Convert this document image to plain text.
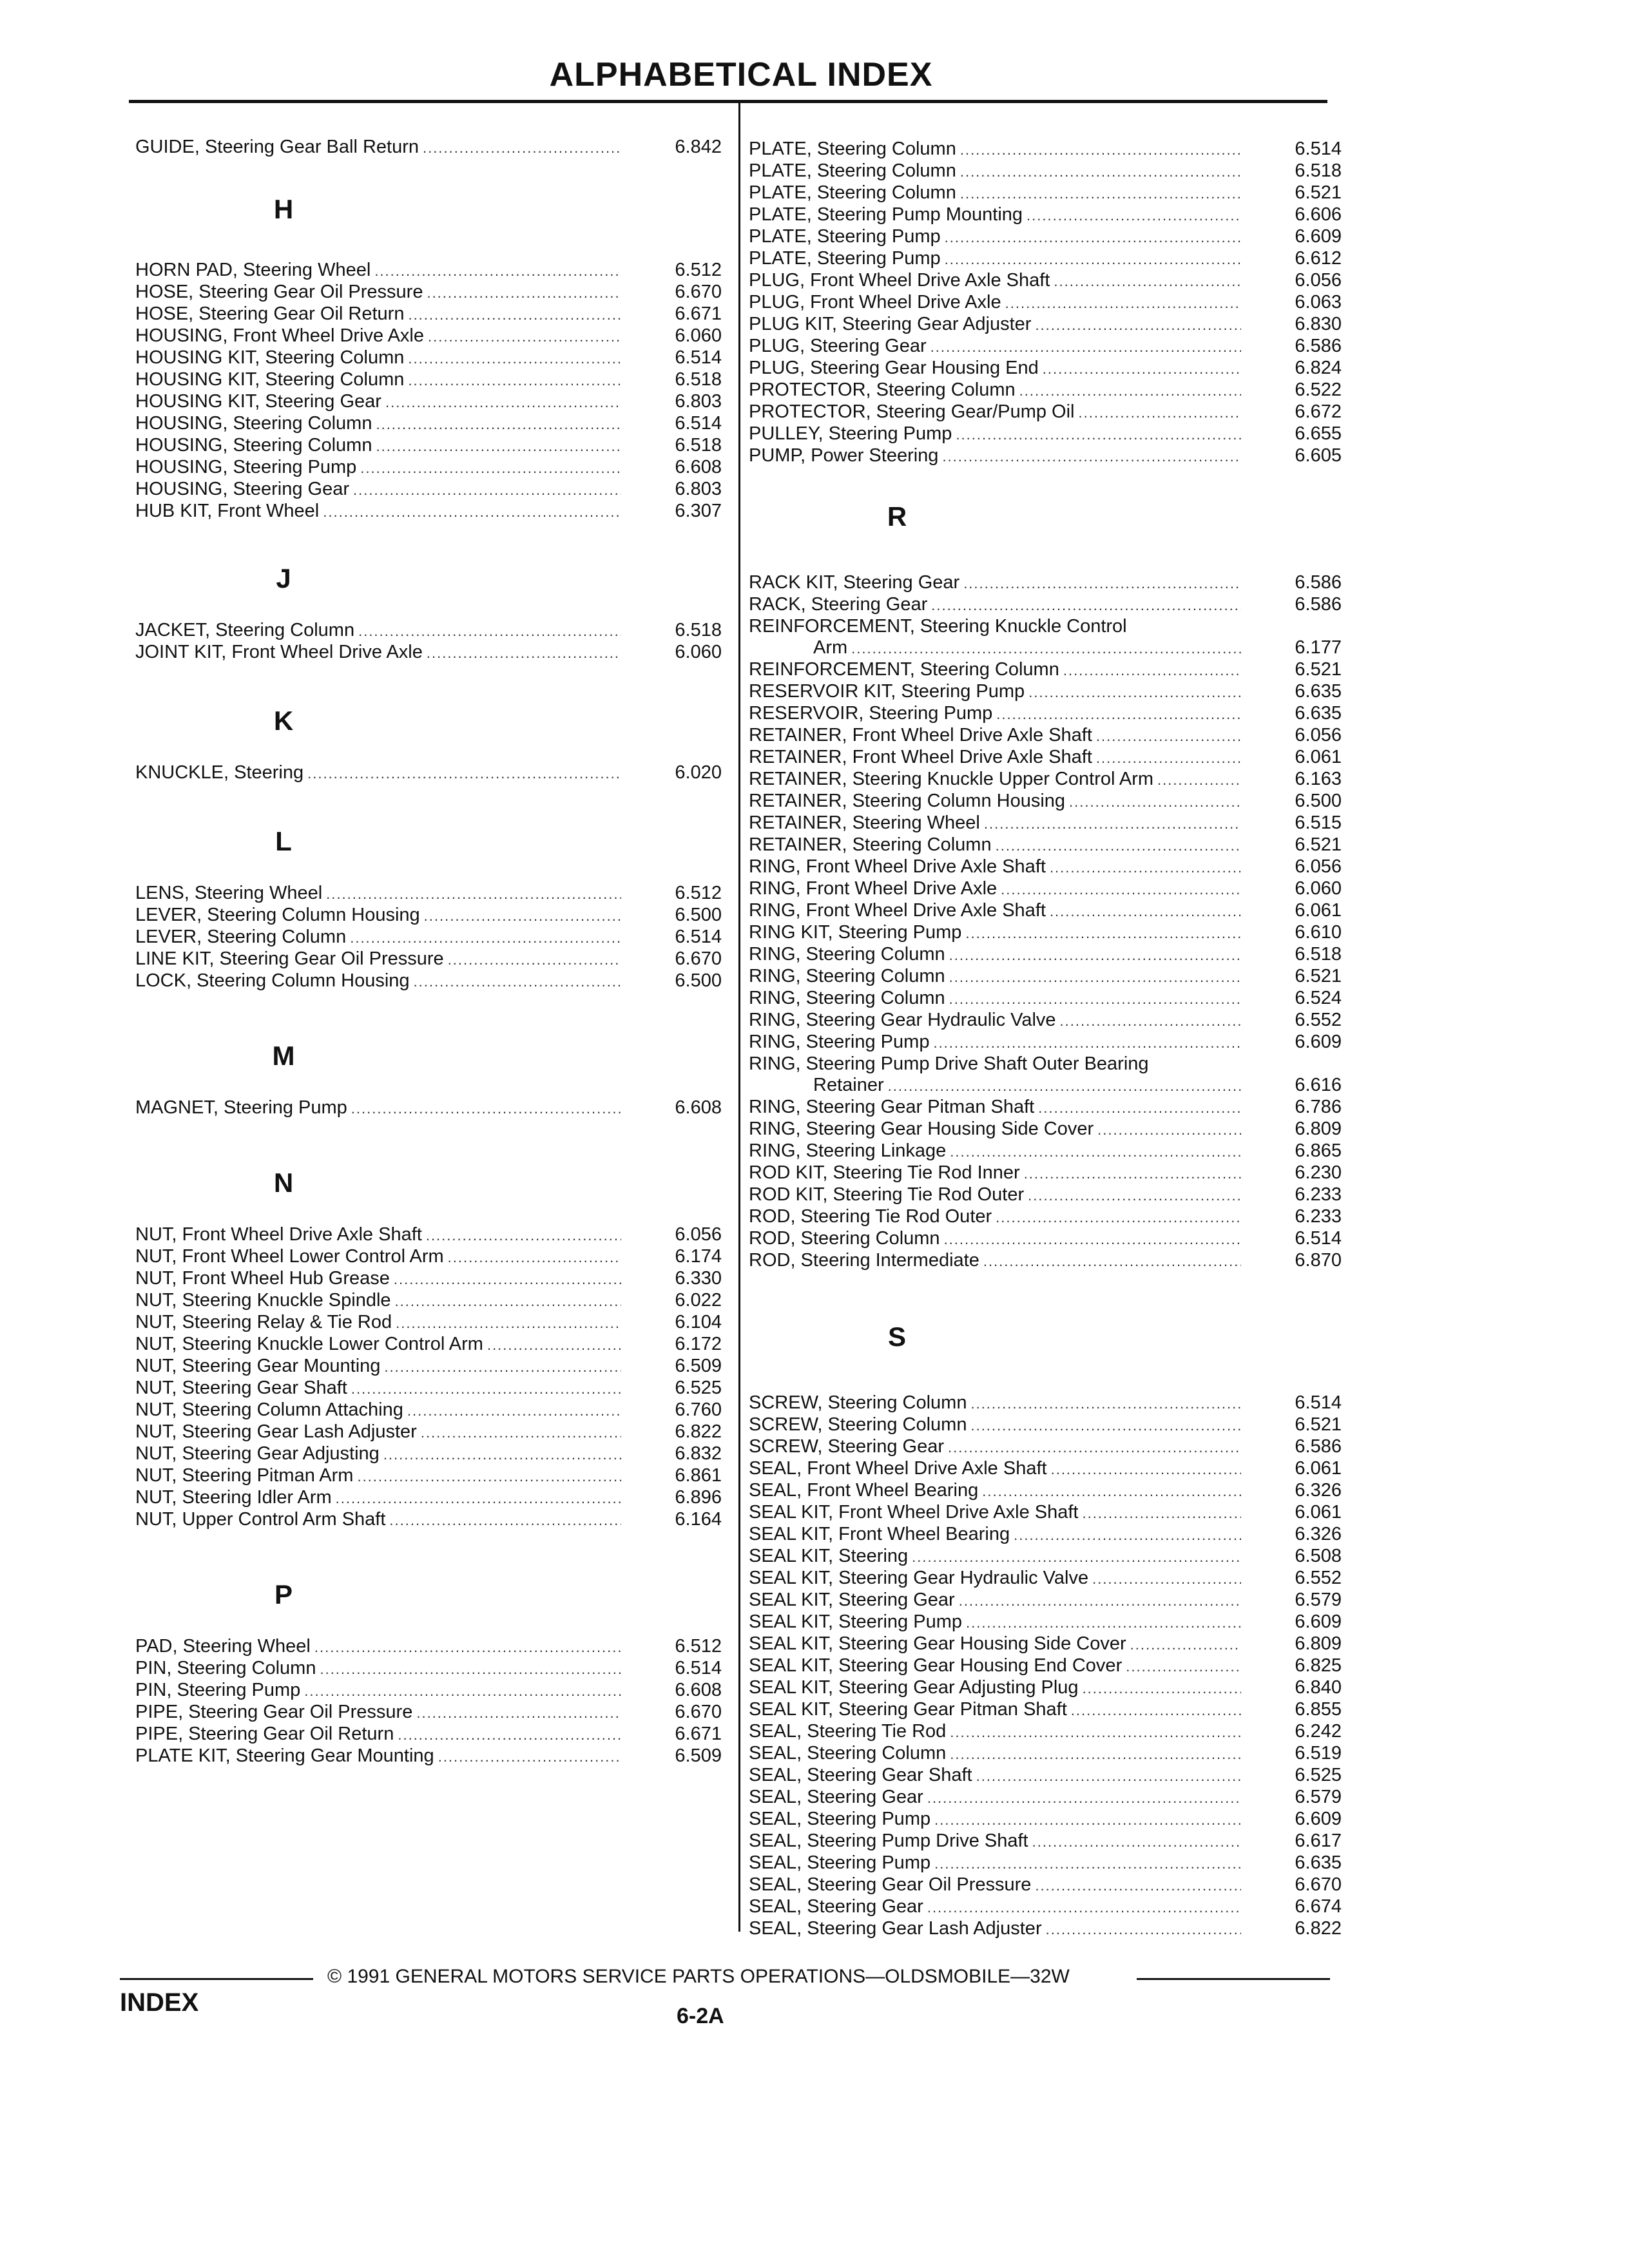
ALPHABETICAL INDEX
GUIDE, Steering Gear Ball Return .....	6.842
H
HORN PAD, Steering Wheel .....	6.512
HOSE, Steering Gear Oil Pressure .....	6.670
HOSE, Steering Gear Oil Return .....	6.671
HOUSING, Front Wheel Drive Axle .....	6.060
HOUSING KIT, Steering Column .....	6.514
HOUSING KIT, Steering Column .....	6.518
HOUSING KIT, Steering Gear .....	6.803
HOUSING, Steering Column .....	6.514
HOUSING, Steering Column .....	6.518
HOUSING, Steering Pump .....	6.608
HOUSING, Steering Gear .....	6.803
HUB KIT, Front Wheel .....	6.307
J
JACKET, Steering Column .....	6.518
JOINT KIT, Front Wheel Drive Axle .....	6.060
K
KNUCKLE, Steering .....	6.020
L
LENS, Steering Wheel .....	6.512
LEVER, Steering Column Housing .....	6.500
LEVER, Steering Column .....	6.514
LINE KIT, Steering Gear Oil Pressure .....	6.670
LOCK, Steering Column Housing .....	6.500
M
MAGNET, Steering Pump .....	6.608
N
NUT, Front Wheel Drive Axle Shaft .....	6.056
NUT, Front Wheel Lower Control Arm .....	6.174
NUT, Front Wheel Hub Grease .....	6.330
NUT, Steering Knuckle Spindle .....	6.022
NUT, Steering Relay & Tie Rod .....	6.104
NUT, Steering Knuckle Lower Control Arm .....	6.172
NUT, Steering Gear Mounting .....	6.509
NUT, Steering Gear Shaft .....	6.525
NUT, Steering Column Attaching .....	6.760
NUT, Steering Gear Lash Adjuster .....	6.822
NUT, Steering Gear Adjusting .....	6.832
NUT, Steering Pitman Arm .....	6.861
NUT, Steering Idler Arm .....	6.896
NUT, Upper Control Arm Shaft .....	6.164
P
PAD, Steering Wheel .....	6.512
PIN, Steering Column .....	6.514
PIN, Steering Pump .....	6.608
PIPE, Steering Gear Oil Pressure .....	6.670
PIPE, Steering Gear Oil Return .....	6.671
PLATE KIT, Steering Gear Mounting .....	6.509
PLATE, Steering Column .....	6.514
PLATE, Steering Column .....	6.518
PLATE, Steering Column .....	6.521
PLATE, Steering Pump Mounting .....	6.606
PLATE, Steering Pump .....	6.609
PLATE, Steering Pump .....	6.612
PLUG, Front Wheel Drive Axle Shaft .....	6.056
PLUG, Front Wheel Drive Axle .....	6.063
PLUG KIT, Steering Gear Adjuster .....	6.830
PLUG, Steering Gear .....	6.586
PLUG, Steering Gear Housing End .....	6.824
PROTECTOR, Steering Column .....	6.522
PROTECTOR, Steering Gear/Pump Oil .....	6.672
PULLEY, Steering Pump .....	6.655
PUMP, Power Steering .....	6.605
R
RACK KIT, Steering Gear .....	6.586
RACK, Steering Gear .....	6.586
REINFORCEMENT, Steering Knuckle Control
Arm .....	6.177
REINFORCEMENT, Steering Column .....	6.521
RESERVOIR KIT, Steering Pump .....	6.635
RESERVOIR, Steering Pump .....	6.635
RETAINER, Front Wheel Drive Axle Shaft .....	6.056
RETAINER, Front Wheel Drive Axle Shaft .....	6.061
RETAINER, Steering Knuckle Upper Control Arm .....	6.163
RETAINER, Steering Column Housing .....	6.500
RETAINER, Steering Wheel .....	6.515
RETAINER, Steering Column .....	6.521
RING, Front Wheel Drive Axle Shaft .....	6.056
RING, Front Wheel Drive Axle .....	6.060
RING, Front Wheel Drive Axle Shaft .....	6.061
RING KIT, Steering Pump .....	6.610
RING, Steering Column .....	6.518
RING, Steering Column .....	6.521
RING, Steering Column .....	6.524
RING, Steering Gear Hydraulic Valve .....	6.552
RING, Steering Pump .....	6.609
RING, Steering Pump Drive Shaft Outer Bearing
Retainer .....	6.616
RING, Steering Gear Pitman Shaft .....	6.786
RING, Steering Gear Housing Side Cover .....	6.809
RING, Steering Linkage .....	6.865
ROD KIT, Steering Tie Rod Inner .....	6.230
ROD KIT, Steering Tie Rod Outer .....	6.233
ROD, Steering Tie Rod Outer .....	6.233
ROD, Steering Column .....	6.514
ROD, Steering Intermediate .....	6.870
S
SCREW, Steering Column .....	6.514
SCREW, Steering Column .....	6.521
SCREW, Steering Gear .....	6.586
SEAL, Front Wheel Drive Axle Shaft .....	6.061
SEAL, Front Wheel Bearing .....	6.326
SEAL KIT, Front Wheel Drive Axle Shaft .....	6.061
SEAL KIT, Front Wheel Bearing .....	6.326
SEAL KIT, Steering .....	6.508
SEAL KIT, Steering Gear Hydraulic Valve .....	6.552
SEAL KIT, Steering Gear .....	6.579
SEAL KIT, Steering Pump .....	6.609
SEAL KIT, Steering Gear Housing Side Cover .....	6.809
SEAL KIT, Steering Gear Housing End Cover .....	6.825
SEAL KIT, Steering Gear Adjusting Plug .....	6.840
SEAL KIT, Steering Gear Pitman Shaft .....	6.855
SEAL, Steering Tie Rod .....	6.242
SEAL, Steering Column .....	6.519
SEAL, Steering Gear Shaft .....	6.525
SEAL, Steering Gear .....	6.579
SEAL, Steering Pump .....	6.609
SEAL, Steering Pump Drive Shaft .....	6.617
SEAL, Steering Pump .....	6.635
SEAL, Steering Gear Oil Pressure .....	6.670
SEAL, Steering Gear .....	6.674
SEAL, Steering Gear Lash Adjuster .....	6.822
© 1991 GENERAL MOTORS SERVICE PARTS OPERATIONS—OLDSMOBILE—32W
INDEX	6-2A
